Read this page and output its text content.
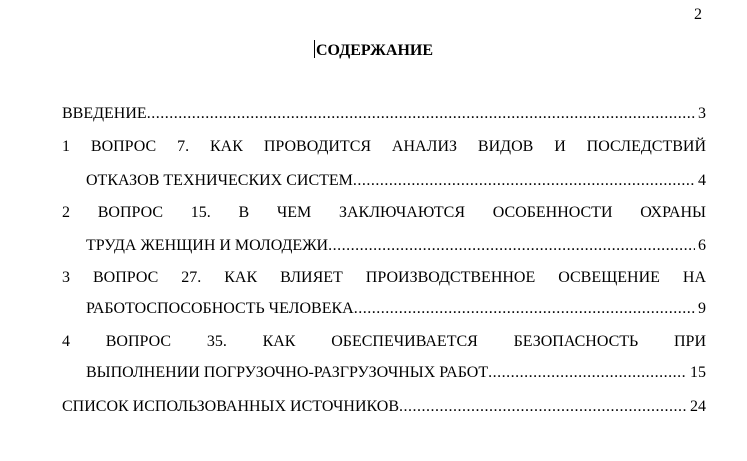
2
СОДЕРЖАНИЕ
ВВЕДЕНИЕ .....	3
1 ВОПРОС 7. КАК ПРОВОДИТСЯ АНАЛИЗ ВИДОВ И ПОСЛЕДСТВИЙ
ОТКАЗОВ ТЕХНИЧЕСКИХ СИСТЕМ .....	4
2 ВОПРОС 15. В ЧЕМ ЗАКЛЮЧАЮТСЯ ОСОБЕННОСТИ ОХРАНЫ
ТРУДА ЖЕНЩИН И МОЛОДЕЖИ .....	6
3 ВОПРОС 27. КАК ВЛИЯЕТ ПРОИЗВОДСТВЕННОЕ ОСВЕЩЕНИЕ НА
РАБОТОСПОСОБНОСТЬ ЧЕЛОВЕКА .....	9
4 ВОПРОС 35. КАК ОБЕСПЕЧИВАЕТСЯ БЕЗОПАСНОСТЬ ПРИ
ВЫПОЛНЕНИИ ПОГРУЗОЧНО-РАЗГРУЗОЧНЫХ РАБОТ .....	15
СПИСОК ИСПОЛЬЗОВАННЫХ ИСТОЧНИКОВ .....	24
